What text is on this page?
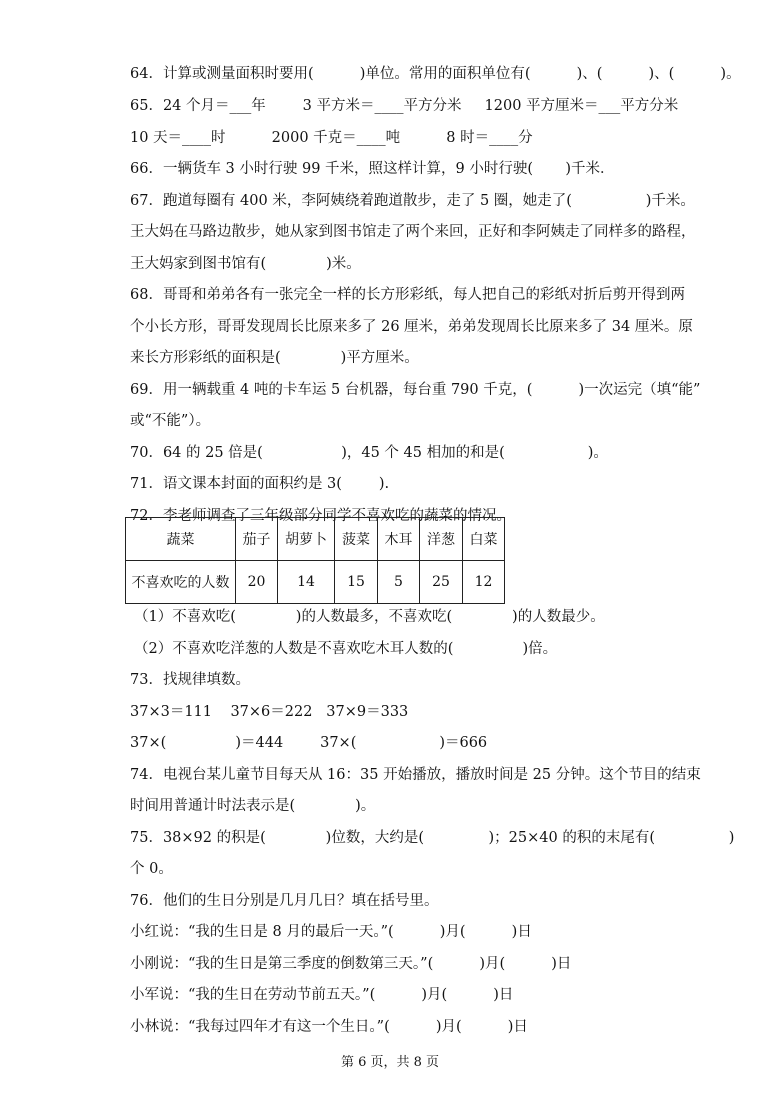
64．计算或测量面积时要用(          )单位。常用的面积单位有(          )、(          )、(          )。
65．24 个月＝___年        3 平方米＝____平方分米     1200 平方厘米＝___平方分米
10 天＝____时          2000 千克＝____吨          8 时＝____分
66．一辆货车 3 小时行驶 99 千米，照这样计算，9 小时行驶(       )千米．
67．跑道每圈有 400 米，李阿姨绕着跑道散步，走了 5 圈，她走了(                )千米。
王大妈在马路边散步，她从家到图书馆走了两个来回，正好和李阿姨走了同样多的路程，
王大妈家到图书馆有(             )米。
68．哥哥和弟弟各有一张完全一样的长方形彩纸，每人把自己的彩纸对折后剪开得到两
个小长方形，哥哥发现周长比原来多了 26 厘米，弟弟发现周长比原来多了 34 厘米。原
来长方形彩纸的面积是(             )平方厘米。
69．用一辆载重 4 吨的卡车运 5 台机器，每台重 790 千克，(          )一次运完（填“能”
或“不能”）。
70．64 的 25 倍是(                 )，45 个 45 相加的和是(                  )。
71．语文课本封面的面积约是 3(        ).
72．李老师调查了三年级部分同学不喜欢吃的蔬菜的情况。
蔬菜	茄子	胡萝卜	菠菜	木耳	洋葱	白菜
不喜欢吃的人数	20	14	15	5	25	12
（1）不喜欢吃(             )的人数最多，不喜欢吃(             )的人数最少。
（2）不喜欢吃洋葱的人数是不喜欢吃木耳人数的(               )倍。
73．找规律填数。
37×3＝111    37×6＝222   37×9＝333
37×(               )＝444        37×(                  )＝666
74．电视台某儿童节目每天从 16：35 开始播放，播放时间是 25 分钟。这个节目的结束
时间用普通计时法表示是(             )。
75．38×92 的积是(             )位数，大约是(              )；25×40 的积的末尾有(                )
个 0。
76．他们的生日分别是几月几日？填在括号里。
小红说：“我的生日是 8 月的最后一天。”(          )月(          )日
小刚说：“我的生日是第三季度的倒数第三天。”(          )月(          )日
小军说：“我的生日在劳动节前五天。”(          )月(          )日
小林说：“我每过四年才有这一个生日。”(          )月(          )日
第 6 页，共 8 页
